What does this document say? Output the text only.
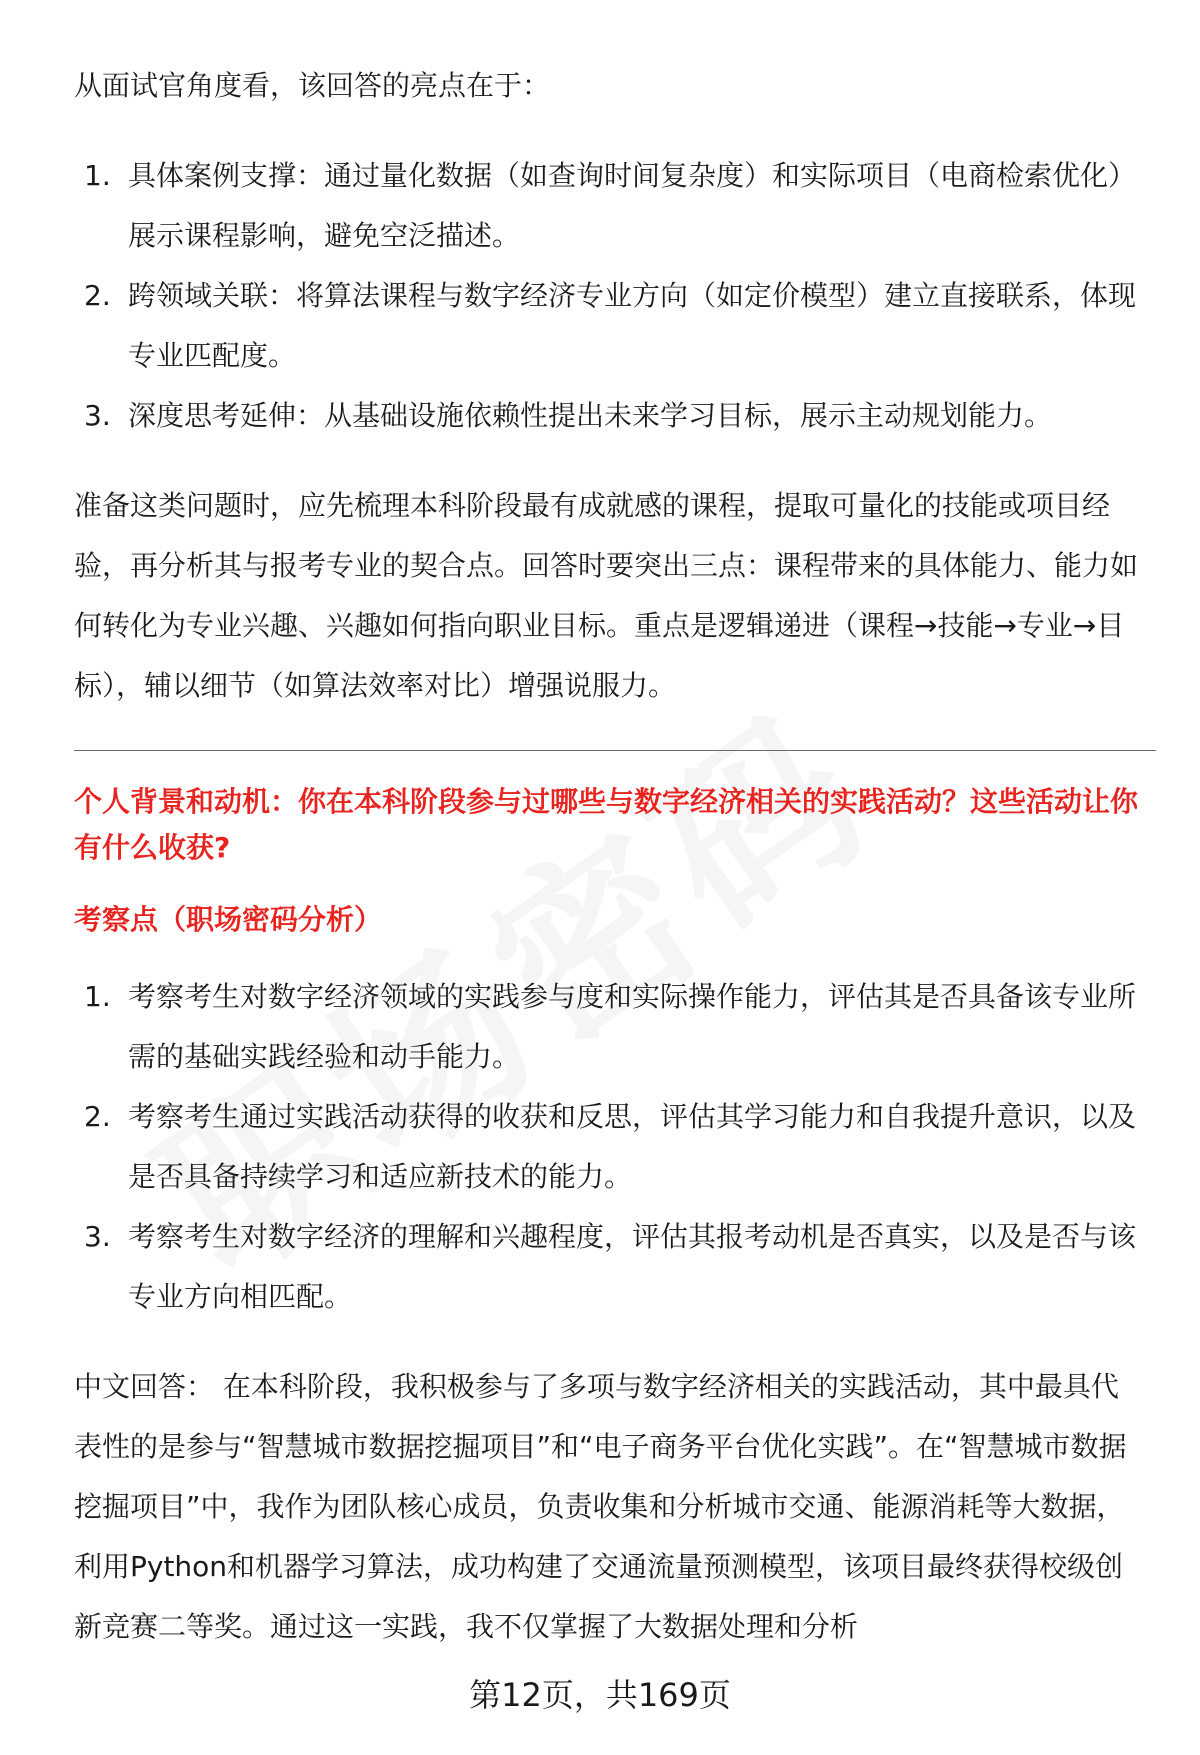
从面试官角度看，该回答的亮点在于：

1. 具体案例支撑：通过量化数据（如查询时间复杂度）和实际项目（电商检索优化）展示课程影响，避免空泛描述。
2. 跨领域关联：将算法课程与数字经济专业方向（如定价模型）建立直接联系，体现专业匹配度。
3. 深度思考延伸：从基础设施依赖性提出未来学习目标，展示主动规划能力。

准备这类问题时，应先梳理本科阶段最有成就感的课程，提取可量化的技能或项目经验，再分析其与报考专业的契合点。回答时要突出三点：课程带来的具体能力、能力如何转化为专业兴趣、兴趣如何指向职业目标。重点是逻辑递进（课程→技能→专业→目标），辅以细节（如算法效率对比）增强说服力。

个人背景和动机：你在本科阶段参与过哪些与数字经济相关的实践活动？这些活动让你有什么收获?

考察点（职场密码分析）

1. 考察考生对数字经济领域的实践参与度和实际操作能力，评估其是否具备该专业所需的基础实践经验和动手能力。
2. 考察考生通过实践活动获得的收获和反思，评估其学习能力和自我提升意识，以及是否具备持续学习和适应新技术的能力。
3. 考察考生对数字经济的理解和兴趣程度，评估其报考动机是否真实，以及是否与该专业方向相匹配。

中文回答： 在本科阶段，我积极参与了多项与数字经济相关的实践活动，其中最具代表性的是参与“智慧城市数据挖掘项目”和“电子商务平台优化实践”。在“智慧城市数据挖掘项目”中，我作为团队核心成员，负责收集和分析城市交通、能源消耗等大数据，利用Python和机器学习算法，成功构建了交通流量预测模型，该项目最终获得校级创新竞赛二等奖。通过这一实践，我不仅掌握了大数据处理和分析

第12页，共169页
